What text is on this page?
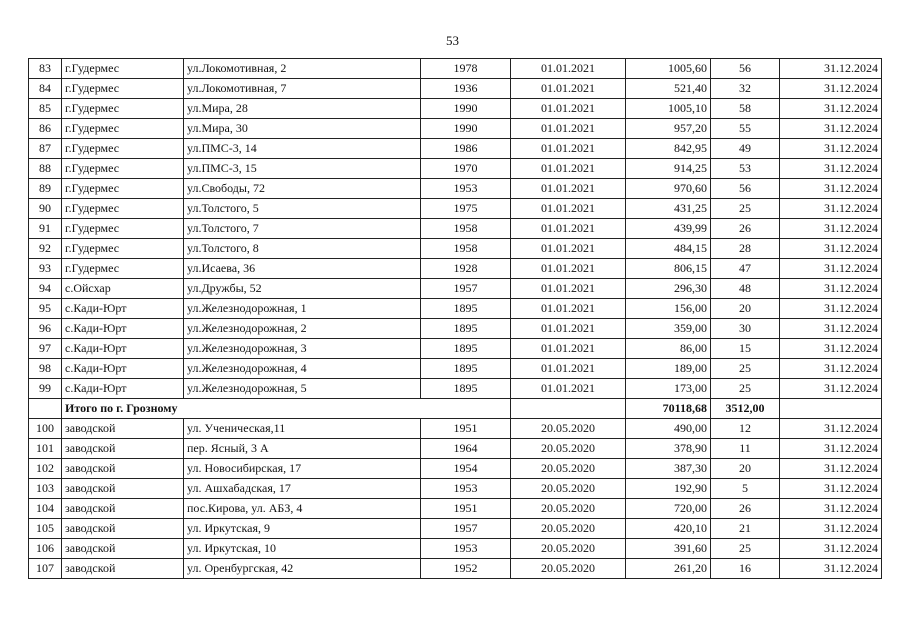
53
83	г.Гудермес	ул.Локомотивная, 2	1978	01.01.2021	1005,60	56	31.12.2024
84	г.Гудермес	ул.Локомотивная, 7	1936	01.01.2021	521,40	32	31.12.2024
85	г.Гудермес	ул.Мира, 28	1990	01.01.2021	1005,10	58	31.12.2024
86	г.Гудермес	ул.Мира, 30	1990	01.01.2021	957,20	55	31.12.2024
87	г.Гудермес	ул.ПМС-3, 14	1986	01.01.2021	842,95	49	31.12.2024
88	г.Гудермес	ул.ПМС-3, 15	1970	01.01.2021	914,25	53	31.12.2024
89	г.Гудермес	ул.Свободы, 72	1953	01.01.2021	970,60	56	31.12.2024
90	г.Гудермес	ул.Толстого, 5	1975	01.01.2021	431,25	25	31.12.2024
91	г.Гудермес	ул.Толстого, 7	1958	01.01.2021	439,99	26	31.12.2024
92	г.Гудермес	ул.Толстого, 8	1958	01.01.2021	484,15	28	31.12.2024
93	г.Гудермес	ул.Исаева, 36	1928	01.01.2021	806,15	47	31.12.2024
94	с.Ойсхар	ул.Дружбы, 52	1957	01.01.2021	296,30	48	31.12.2024
95	с.Кади-Юрт	ул.Железнодорожная, 1	1895	01.01.2021	156,00	20	31.12.2024
96	с.Кади-Юрт	ул.Железнодорожная, 2	1895	01.01.2021	359,00	30	31.12.2024
97	с.Кади-Юрт	ул.Железнодорожная, 3	1895	01.01.2021	86,00	15	31.12.2024
98	с.Кади-Юрт	ул.Железнодорожная, 4	1895	01.01.2021	189,00	25	31.12.2024
99	с.Кади-Юрт	ул.Железнодорожная, 5	1895	01.01.2021	173,00	25	31.12.2024
	Итого по г. Грозному				70118,68	3512,00	
100	заводской	ул. Ученическая,11	1951	20.05.2020	490,00	12	31.12.2024
101	заводской	пер. Ясный, 3 А	1964	20.05.2020	378,90	11	31.12.2024
102	заводской	ул. Новосибирская, 17	1954	20.05.2020	387,30	20	31.12.2024
103	заводской	ул. Ашхабадская, 17	1953	20.05.2020	192,90	5	31.12.2024
104	заводской	пос.Кирова, ул. АБЗ, 4	1951	20.05.2020	720,00	26	31.12.2024
105	заводской	ул. Иркутская, 9	1957	20.05.2020	420,10	21	31.12.2024
106	заводской	ул. Иркутская, 10	1953	20.05.2020	391,60	25	31.12.2024
107	заводской	ул. Оренбургская, 42	1952	20.05.2020	261,20	16	31.12.2024
